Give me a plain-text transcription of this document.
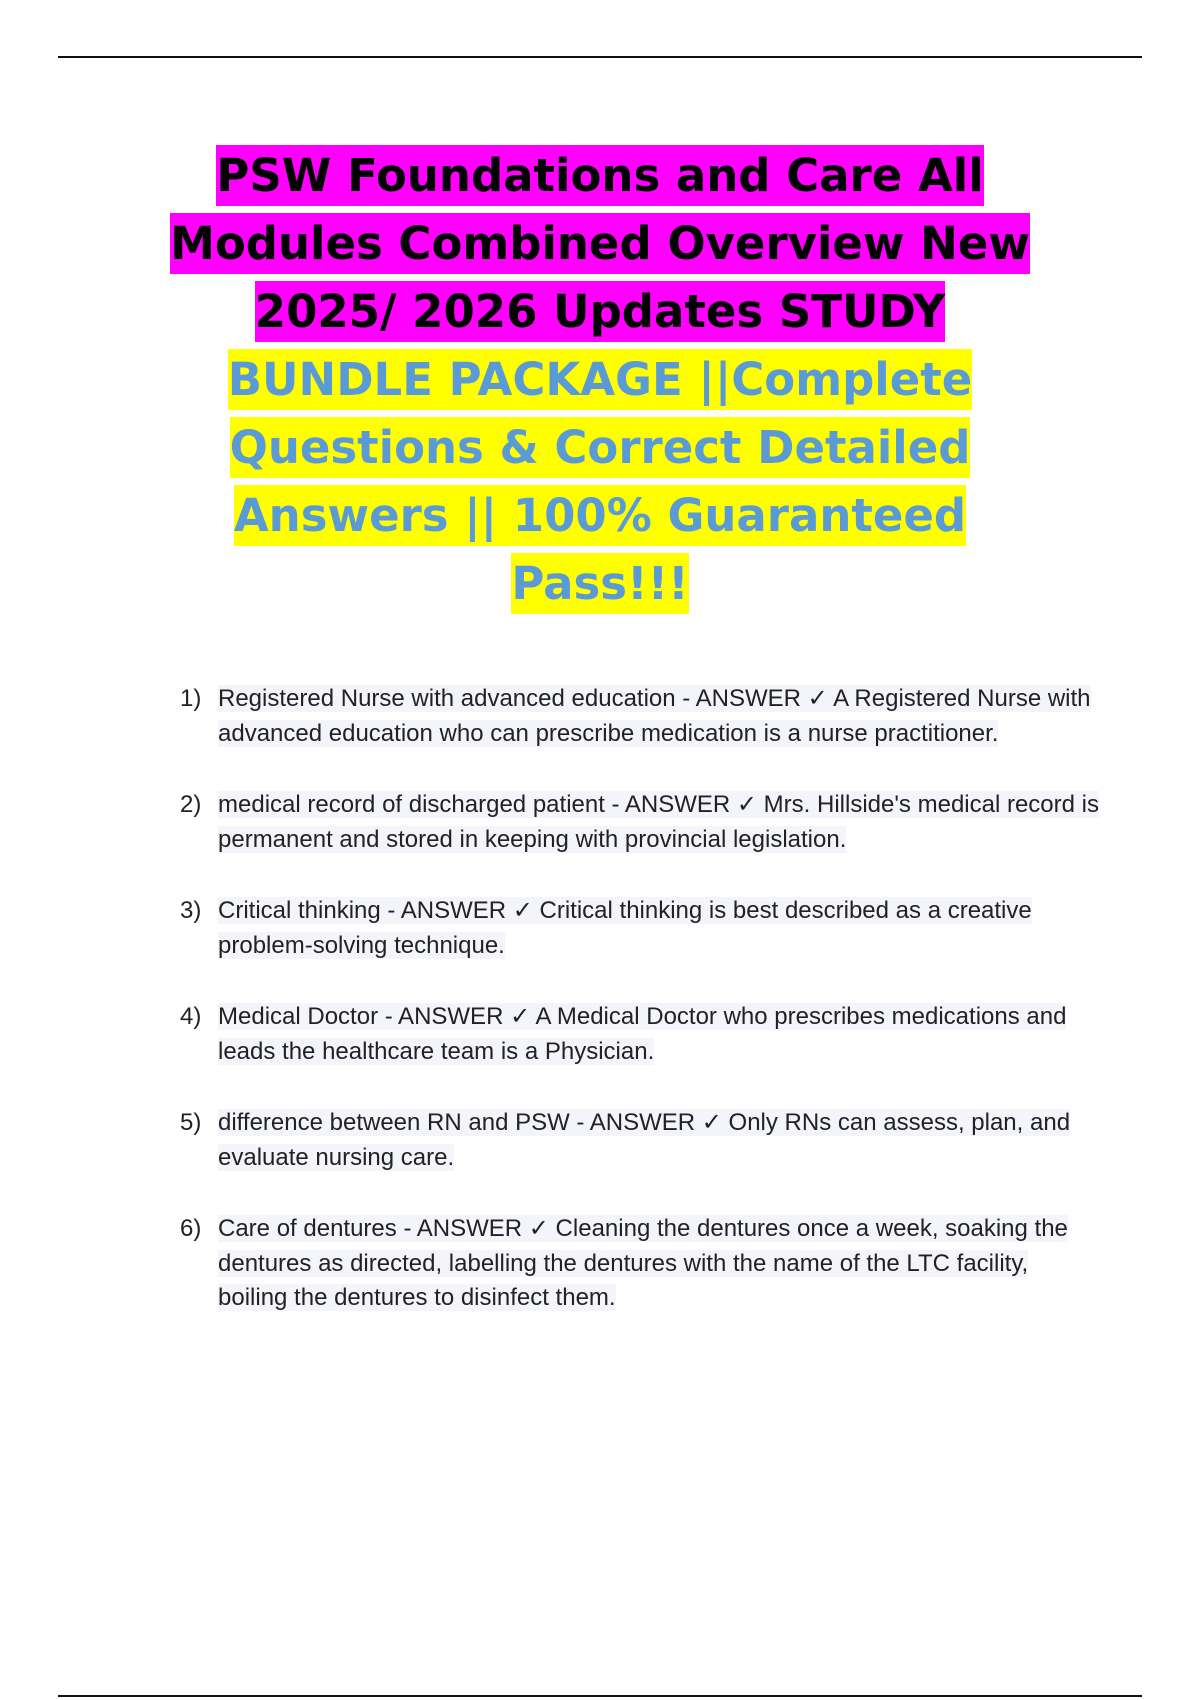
PSW Foundations and Care All Modules Combined Overview New 2025/ 2026 Updates STUDY BUNDLE PACKAGE ||Complete Questions & Correct Detailed Answers || 100% Guaranteed Pass!!!
1) Registered Nurse with advanced education - ANSWER ✓ A Registered Nurse with advanced education who can prescribe medication is a nurse practitioner.
2) medical record of discharged patient - ANSWER ✓ Mrs. Hillside's medical record is permanent and stored in keeping with provincial legislation.
3) Critical thinking - ANSWER ✓ Critical thinking is best described as a creative problem-solving technique.
4) Medical Doctor - ANSWER ✓ A Medical Doctor who prescribes medications and leads the healthcare team is a Physician.
5) difference between RN and PSW - ANSWER ✓ Only RNs can assess, plan, and evaluate nursing care.
6) Care of dentures - ANSWER ✓ Cleaning the dentures once a week, soaking the dentures as directed, labelling the dentures with the name of the LTC facility, boiling the dentures to disinfect them.
